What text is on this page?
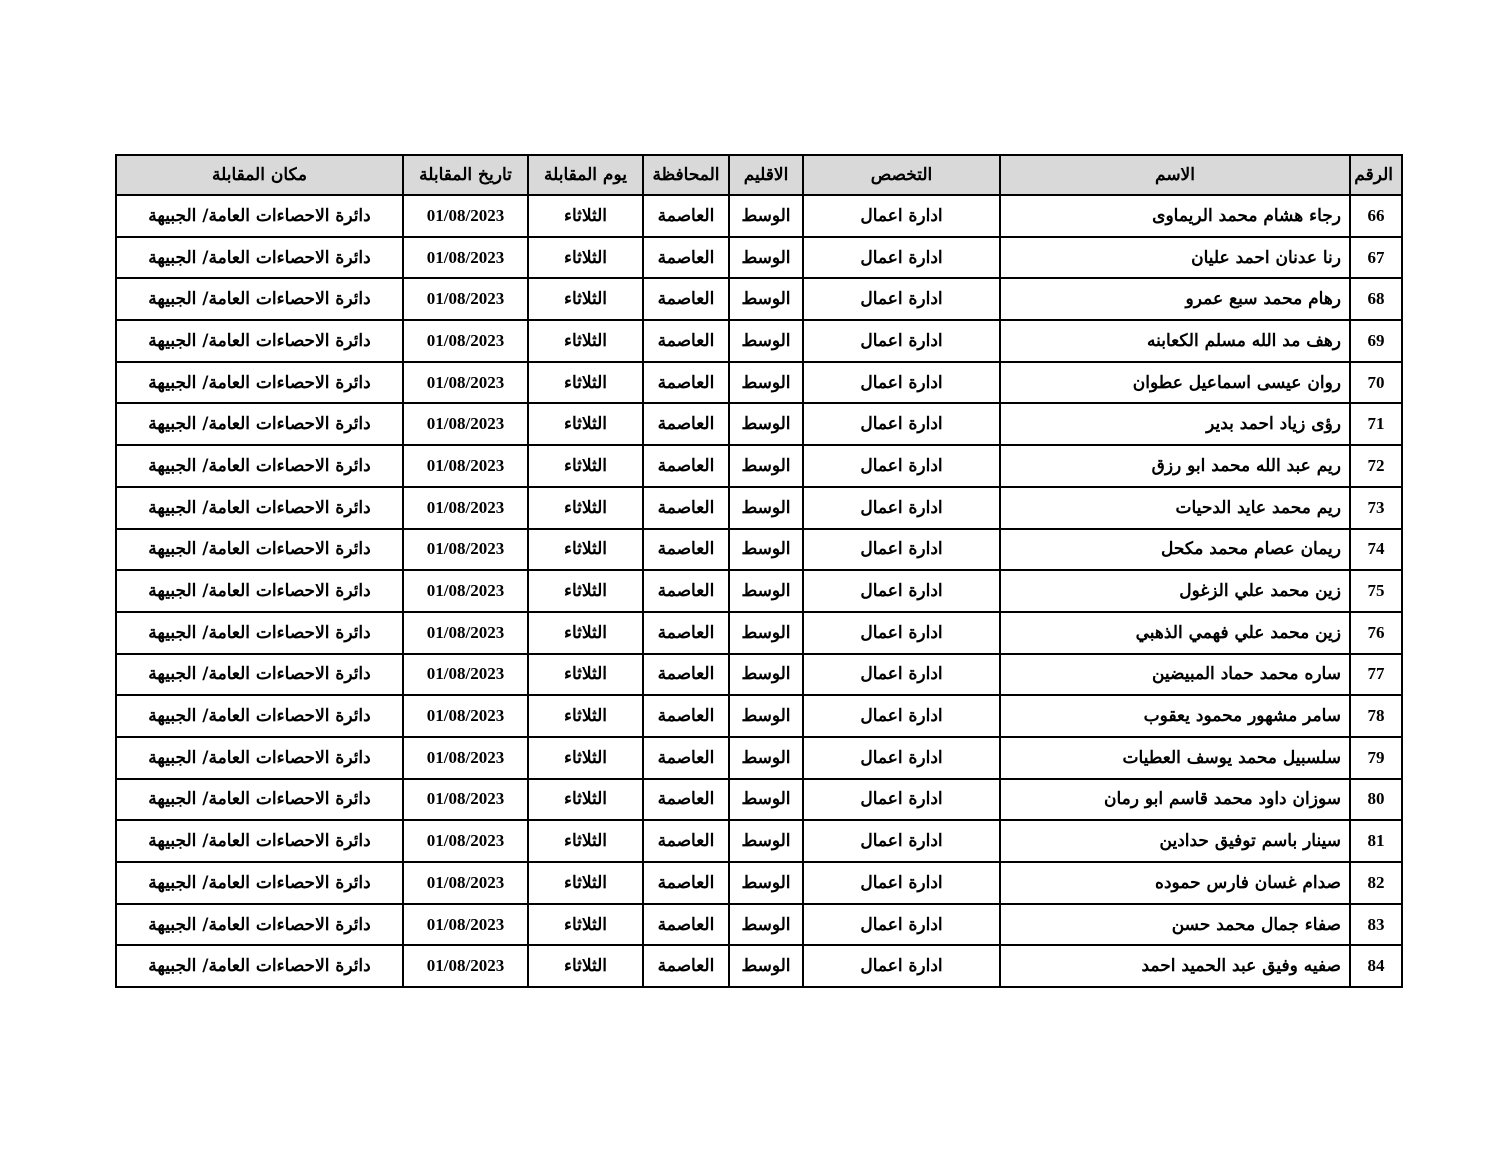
الرقم	الاسم	التخصص	الاقليم	المحافظة	يوم المقابلة	تاريخ المقابلة	مكان المقابلة
66	رجاء هشام محمد الريماوى	ادارة اعمال	الوسط	العاصمة	الثلاثاء	01/08/2023	دائرة الاحصاءات العامة/ الجبيهة
67	رنا عدنان احمد عليان	ادارة اعمال	الوسط	العاصمة	الثلاثاء	01/08/2023	دائرة الاحصاءات العامة/ الجبيهة
68	رهام محمد سبع عمرو	ادارة اعمال	الوسط	العاصمة	الثلاثاء	01/08/2023	دائرة الاحصاءات العامة/ الجبيهة
69	رهف مد الله مسلم الكعابنه	ادارة اعمال	الوسط	العاصمة	الثلاثاء	01/08/2023	دائرة الاحصاءات العامة/ الجبيهة
70	روان عيسى اسماعيل عطوان	ادارة اعمال	الوسط	العاصمة	الثلاثاء	01/08/2023	دائرة الاحصاءات العامة/ الجبيهة
71	رؤى زياد احمد بدير	ادارة اعمال	الوسط	العاصمة	الثلاثاء	01/08/2023	دائرة الاحصاءات العامة/ الجبيهة
72	ريم عبد الله محمد ابو رزق	ادارة اعمال	الوسط	العاصمة	الثلاثاء	01/08/2023	دائرة الاحصاءات العامة/ الجبيهة
73	ريم محمد عايد الدحيات	ادارة اعمال	الوسط	العاصمة	الثلاثاء	01/08/2023	دائرة الاحصاءات العامة/ الجبيهة
74	ريمان عصام محمد مكحل	ادارة اعمال	الوسط	العاصمة	الثلاثاء	01/08/2023	دائرة الاحصاءات العامة/ الجبيهة
75	زين محمد علي الزغول	ادارة اعمال	الوسط	العاصمة	الثلاثاء	01/08/2023	دائرة الاحصاءات العامة/ الجبيهة
76	زين محمد علي فهمي الذهبي	ادارة اعمال	الوسط	العاصمة	الثلاثاء	01/08/2023	دائرة الاحصاءات العامة/ الجبيهة
77	ساره محمد حماد المبيضين	ادارة اعمال	الوسط	العاصمة	الثلاثاء	01/08/2023	دائرة الاحصاءات العامة/ الجبيهة
78	سامر مشهور محمود يعقوب	ادارة اعمال	الوسط	العاصمة	الثلاثاء	01/08/2023	دائرة الاحصاءات العامة/ الجبيهة
79	سلسبيل محمد يوسف العطيات	ادارة اعمال	الوسط	العاصمة	الثلاثاء	01/08/2023	دائرة الاحصاءات العامة/ الجبيهة
80	سوزان داود محمد قاسم ابو رمان	ادارة اعمال	الوسط	العاصمة	الثلاثاء	01/08/2023	دائرة الاحصاءات العامة/ الجبيهة
81	سينار باسم توفيق حدادين	ادارة اعمال	الوسط	العاصمة	الثلاثاء	01/08/2023	دائرة الاحصاءات العامة/ الجبيهة
82	صدام غسان فارس حموده	ادارة اعمال	الوسط	العاصمة	الثلاثاء	01/08/2023	دائرة الاحصاءات العامة/ الجبيهة
83	صفاء جمال محمد حسن	ادارة اعمال	الوسط	العاصمة	الثلاثاء	01/08/2023	دائرة الاحصاءات العامة/ الجبيهة
84	صفيه وفيق عبد الحميد احمد	ادارة اعمال	الوسط	العاصمة	الثلاثاء	01/08/2023	دائرة الاحصاءات العامة/ الجبيهة
